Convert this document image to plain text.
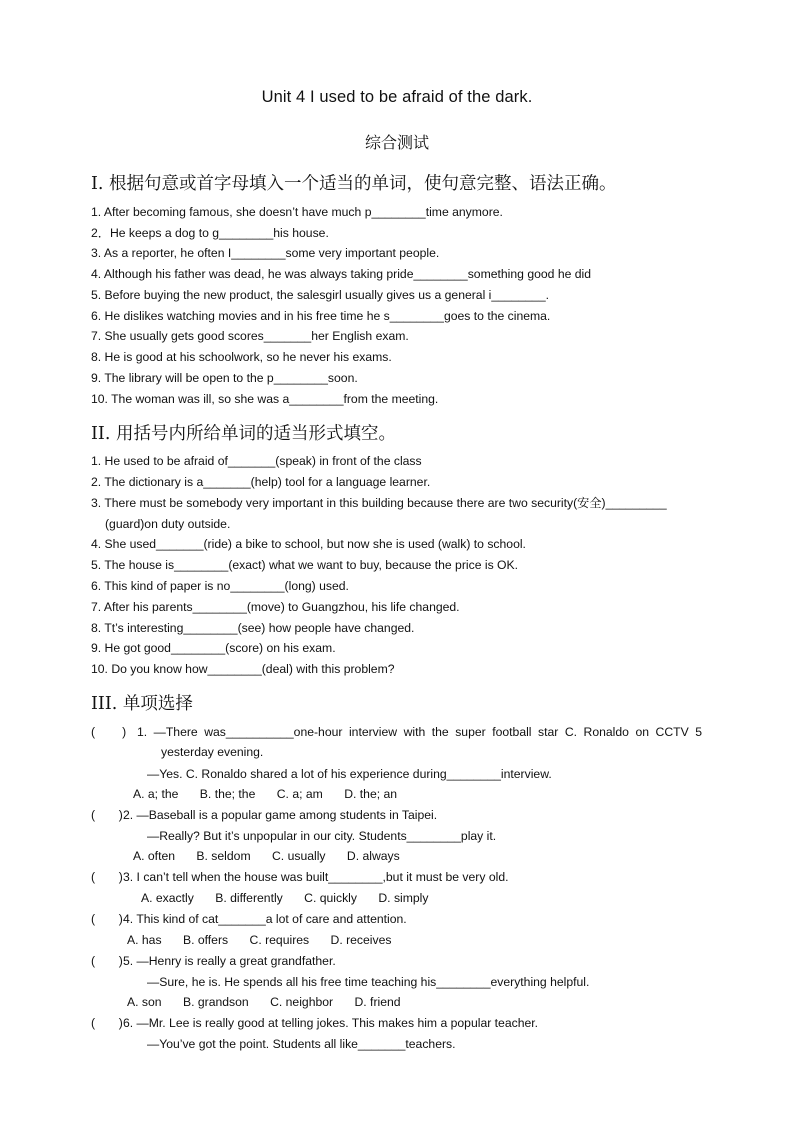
Unit 4 I used to be afraid of the dark.
综合测试
I. 根据句意或首字母填入一个适当的单词，使句意完整、语法正确。
1. After becoming famous, she doesn’t have much p________time anymore.
2．He keeps a dog to g________his house.
3. As a reporter, he often I________some very important people.
4. Although his father was dead, he was always taking pride________something good he did
5. Before buying the new product, the salesgirl usually gives us a general i________.
6. He dislikes watching movies and in his free time he s________goes to the cinema.
7. She usually gets good scores_______her English exam.
8. He is good at his schoolwork, so he never his exams.
9. The library will be open to the p________soon.
10. The woman was ill, so she was a________from the meeting.
II. 用括号内所给单词的适当形式填空。
1. He used to be afraid of_______(speak) in front of the class
2. The dictionary is a_______(help) tool for a language learner.
3. There must be somebody very important in this building because there are two security(安全)_________
(guard)on duty outside.
4. She used_______(ride) a bike to school, but now she is used (walk) to school.
5. The house is________(exact) what we want to buy, because the price is OK.
6. This kind of paper is no________(long) used.
7. After his parents________(move) to Guangzhou, his life changed.
8. Tt’s interesting________(see) how people have changed.
9. He got good________(score) on his exam.
10. Do you know how________(deal) with this problem?
III. 单项选择
(        ) 1. —There was__________one-hour interview with the super football star C. Ronaldo on CCTV 5
yesterday evening.
—Yes. C. Ronaldo shared a lot of his experience during________interview.
A. a; the B. the; the C. a; am D. the; an
(       ) 2. —Baseball is a popular game among students in Taipei.
—Really? But it’s unpopular in our city. Students________play it.
A. often B. seldom C. usually D. always
(       ) 3. I can’t tell when the house was built________,but it must be very old.
A. exactly B. differently C. quickly D. simply
(       ) 4. This kind of cat_______a lot of care and attention.
A. has B. offers C. requires D. receives
(       ) 5. —Henry is really a great grandfather.
—Sure, he is. He spends all his free time teaching his________everything helpful.
A. son B. grandson C. neighbor D. friend
(       ) 6. —Mr. Lee is really good at telling jokes. This makes him a popular teacher.
—You’ve got the point. Students all like_______teachers.
